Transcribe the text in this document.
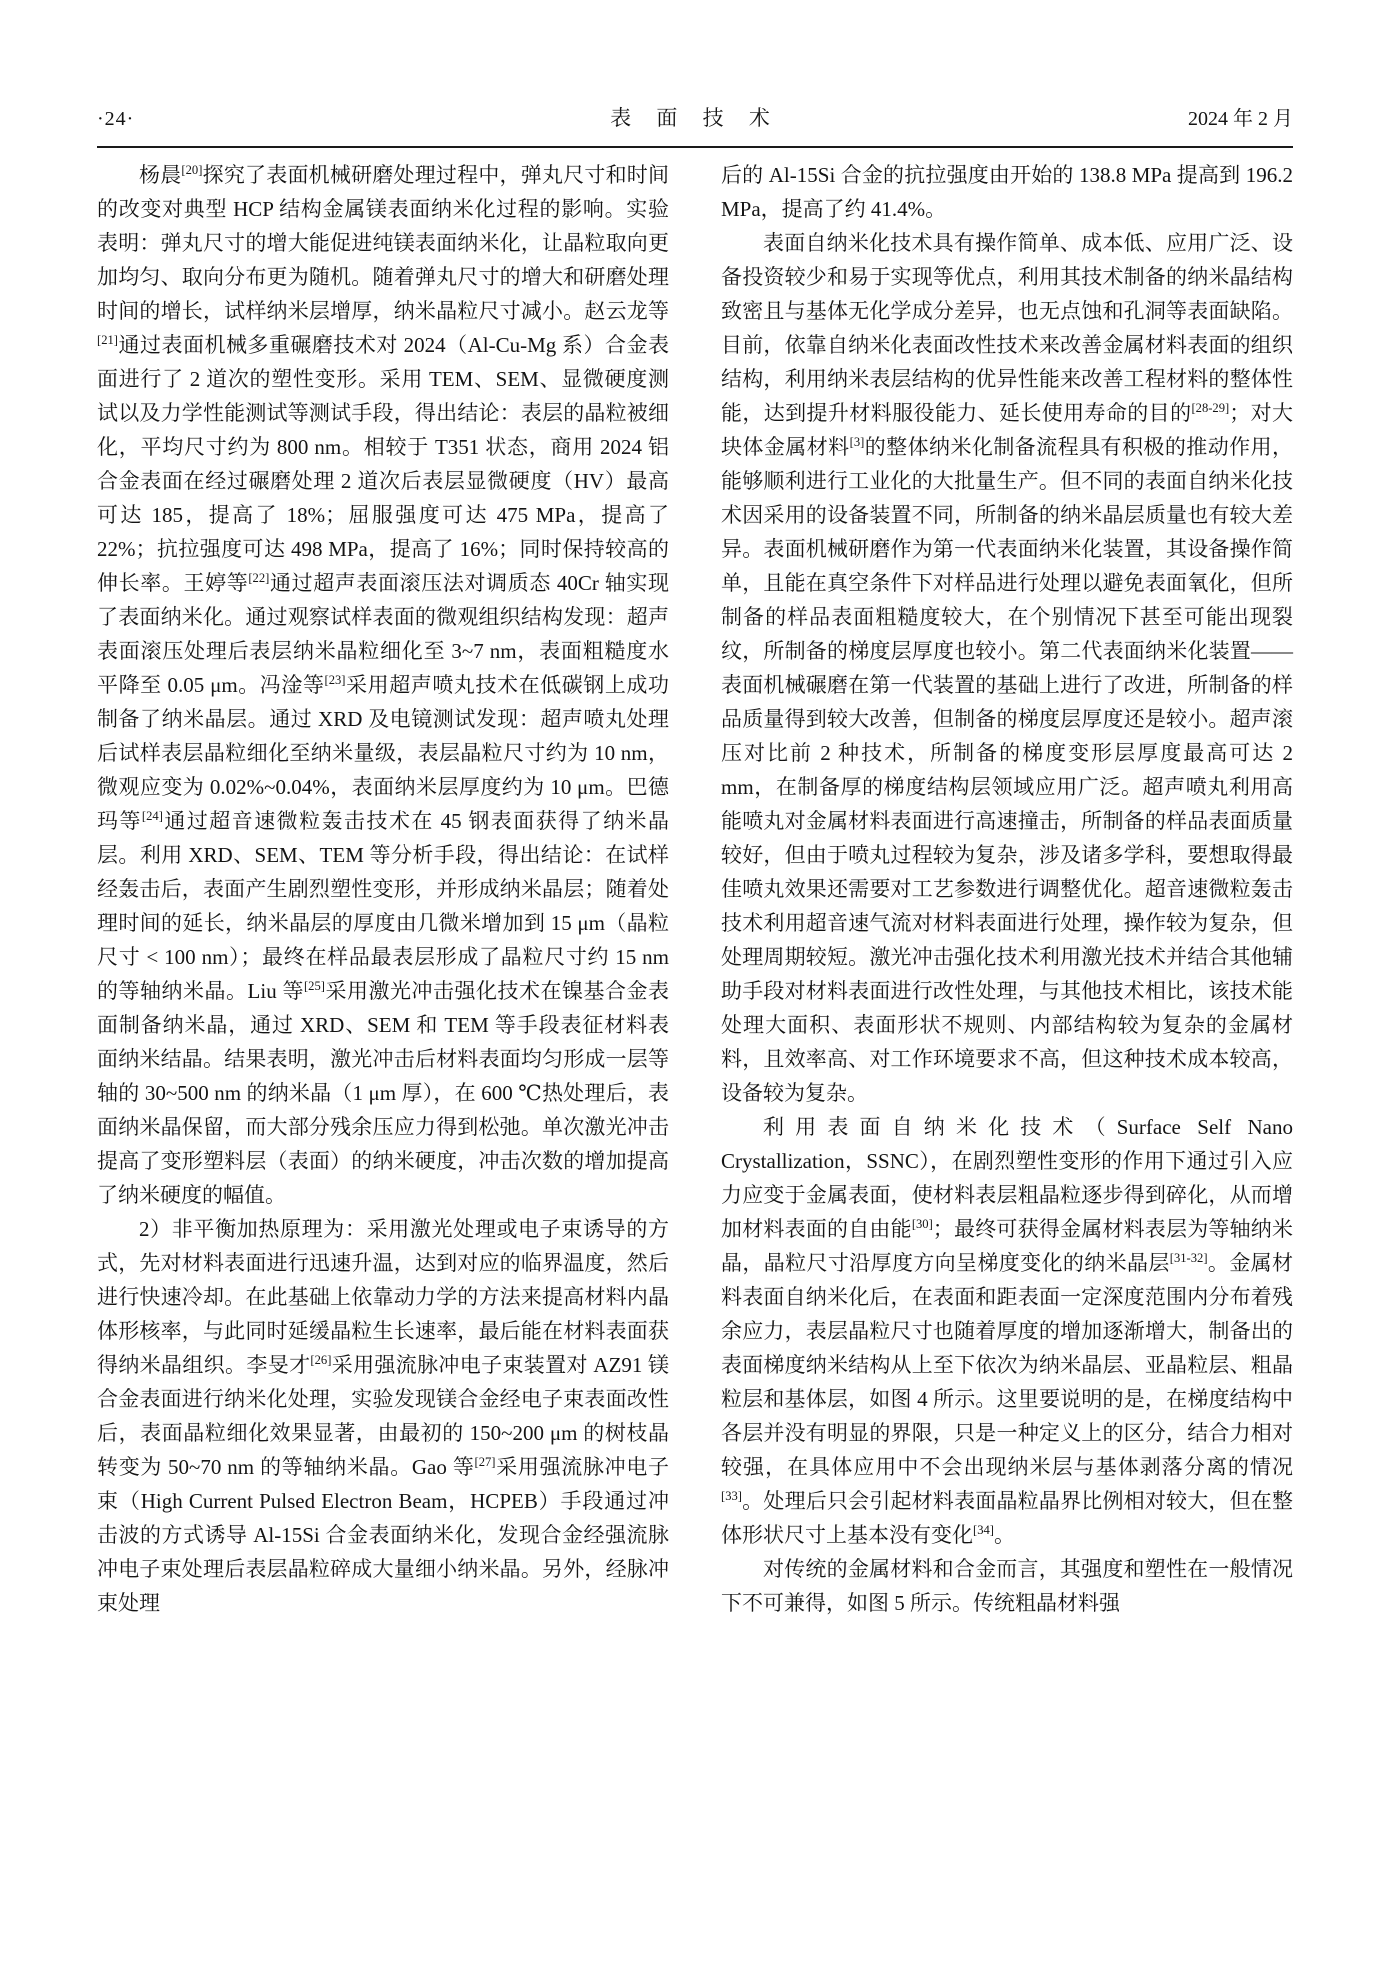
·24·	表 面 技 术	2024 年 2 月

杨晨[20]探究了表面机械研磨处理过程中，弹丸尺寸和时间的改变对典型 HCP 结构金属镁表面纳米化过程的影响。实验表明：弹丸尺寸的增大能促进纯镁表面纳米化，让晶粒取向更加均匀、取向分布更为随机。随着弹丸尺寸的增大和研磨处理时间的增长，试样纳米层增厚，纳米晶粒尺寸减小。赵云龙等[21]通过表面机械多重碾磨技术对 2024（Al-Cu-Mg 系）合金表面进行了 2 道次的塑性变形。采用 TEM、SEM、显微硬度测试以及力学性能测试等测试手段，得出结论：表层的晶粒被细化，平均尺寸约为 800 nm。相较于 T351 状态，商用 2024 铝合金表面在经过碾磨处理 2 道次后表层显微硬度（HV）最高可达 185，提高了 18%；屈服强度可达 475 MPa，提高了 22%；抗拉强度可达 498 MPa，提高了 16%；同时保持较高的伸长率。王婷等[22]通过超声表面滚压法对调质态 40Cr 轴实现了表面纳米化。通过观察试样表面的微观组织结构发现：超声表面滚压处理后表层纳米晶粒细化至 3~7 nm，表面粗糙度水平降至 0.05 μm。冯淦等[23]采用超声喷丸技术在低碳钢上成功制备了纳米晶层。通过 XRD 及电镜测试发现：超声喷丸处理后试样表层晶粒细化至纳米量级，表层晶粒尺寸约为 10 nm，微观应变为 0.02%~0.04%，表面纳米层厚度约为 10 μm。巴德玛等[24]通过超音速微粒轰击技术在 45 钢表面获得了纳米晶层。利用 XRD、SEM、TEM 等分析手段，得出结论：在试样经轰击后，表面产生剧烈塑性变形，并形成纳米晶层；随着处理时间的延长，纳米晶层的厚度由几微米增加到 15 μm（晶粒尺寸 < 100 nm）；最终在样品最表层形成了晶粒尺寸约 15 nm 的等轴纳米晶。Liu 等[25]采用激光冲击强化技术在镍基合金表面制备纳米晶，通过 XRD、SEM 和 TEM 等手段表征材料表面纳米结晶。结果表明，激光冲击后材料表面均匀形成一层等轴的 30~500 nm 的纳米晶（1 μm 厚），在 600 ℃热处理后，表面纳米晶保留，而大部分残余压应力得到松弛。单次激光冲击提高了变形塑料层（表面）的纳米硬度，冲击次数的增加提高了纳米硬度的幅值。

2）非平衡加热原理为：采用激光处理或电子束诱导的方式，先对材料表面进行迅速升温，达到对应的临界温度，然后进行快速冷却。在此基础上依靠动力学的方法来提高材料内晶体形核率，与此同时延缓晶粒生长速率，最后能在材料表面获得纳米晶组织。李旻才[26]采用强流脉冲电子束装置对 AZ91 镁合金表面进行纳米化处理，实验发现镁合金经电子束表面改性后，表面晶粒细化效果显著，由最初的 150~200 μm 的树枝晶转变为 50~70 nm 的等轴纳米晶。Gao 等[27]采用强流脉冲电子束（High Current Pulsed Electron Beam，HCPEB）手段通过冲击波的方式诱导 Al-15Si 合金表面纳米化，发现合金经强流脉冲电子束处理后表层晶粒碎成大量细小纳米晶。另外，经脉冲束处理

后的 Al-15Si 合金的抗拉强度由开始的 138.8 MPa 提高到 196.2 MPa，提高了约 41.4%。

表面自纳米化技术具有操作简单、成本低、应用广泛、设备投资较少和易于实现等优点，利用其技术制备的纳米晶结构致密且与基体无化学成分差异，也无点蚀和孔洞等表面缺陷。目前，依靠自纳米化表面改性技术来改善金属材料表面的组织结构，利用纳米表层结构的优异性能来改善工程材料的整体性能，达到提升材料服役能力、延长使用寿命的目的[28-29]；对大块体金属材料[3]的整体纳米化制备流程具有积极的推动作用，能够顺利进行工业化的大批量生产。但不同的表面自纳米化技术因采用的设备装置不同，所制备的纳米晶层质量也有较大差异。表面机械研磨作为第一代表面纳米化装置，其设备操作简单，且能在真空条件下对样品进行处理以避免表面氧化，但所制备的样品表面粗糙度较大，在个别情况下甚至可能出现裂纹，所制备的梯度层厚度也较小。第二代表面纳米化装置——表面机械碾磨在第一代装置的基础上进行了改进，所制备的样品质量得到较大改善，但制备的梯度层厚度还是较小。超声滚压对比前 2 种技术，所制备的梯度变形层厚度最高可达 2 mm，在制备厚的梯度结构层领域应用广泛。超声喷丸利用高能喷丸对金属材料表面进行高速撞击，所制备的样品表面质量较好，但由于喷丸过程较为复杂，涉及诸多学科，要想取得最佳喷丸效果还需要对工艺参数进行调整优化。超音速微粒轰击技术利用超音速气流对材料表面进行处理，操作较为复杂，但处理周期较短。激光冲击强化技术利用激光技术并结合其他辅助手段对材料表面进行改性处理，与其他技术相比，该技术能处理大面积、表面形状不规则、内部结构较为复杂的金属材料，且效率高、对工作环境要求不高，但这种技术成本较高，设备较为复杂。

利用表面自纳米化技术（Surface Self Nano Crystallization，SSNC），在剧烈塑性变形的作用下通过引入应力应变于金属表面，使材料表层粗晶粒逐步得到碎化，从而增加材料表面的自由能[30]；最终可获得金属材料表层为等轴纳米晶，晶粒尺寸沿厚度方向呈梯度变化的纳米晶层[31-32]。金属材料表面自纳米化后，在表面和距表面一定深度范围内分布着残余应力，表层晶粒尺寸也随着厚度的增加逐渐增大，制备出的表面梯度纳米结构从上至下依次为纳米晶层、亚晶粒层、粗晶粒层和基体层，如图 4 所示。这里要说明的是，在梯度结构中各层并没有明显的界限，只是一种定义上的区分，结合力相对较强，在具体应用中不会出现纳米层与基体剥落分离的情况[33]。处理后只会引起材料表面晶粒晶界比例相对较大，但在整体形状尺寸上基本没有变化[34]。

对传统的金属材料和合金而言，其强度和塑性在一般情况下不可兼得，如图 5 所示。传统粗晶材料强
